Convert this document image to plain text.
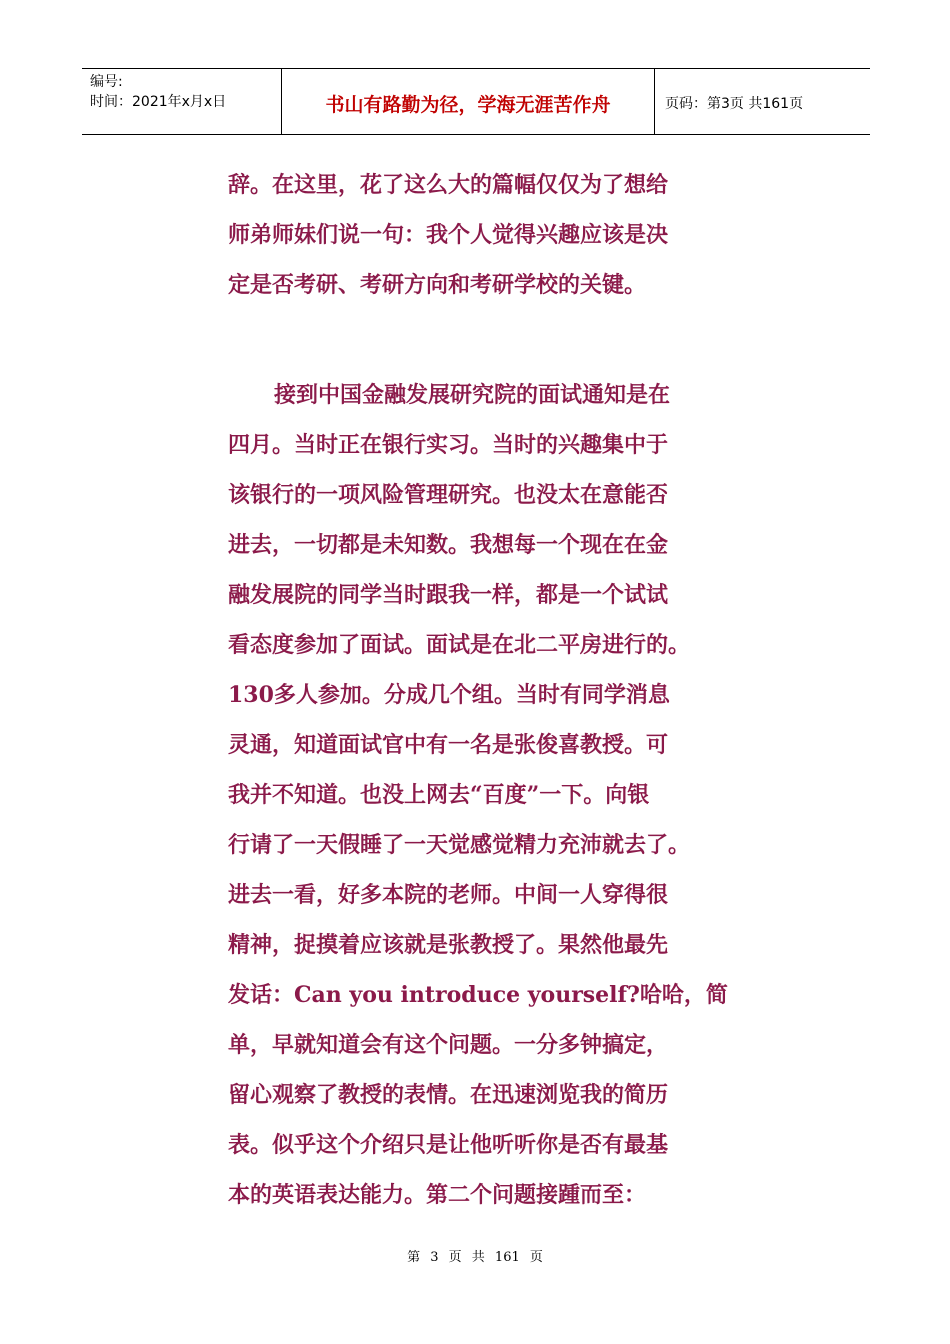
编号:
时间：2021年x月x日	书山有路勤为径，学海无涯苦作舟	页码：第3页 共161页
辞。在这里，花了这么大的篇幅仅仅为了想给
师弟师妹们说一句：我个人觉得兴趣应该是决
定是否考研、考研方向和考研学校的关键。
接到中国金融发展研究院的面试通知是在
四月。当时正在银行实习。当时的兴趣集中于
该银行的一项风险管理研究。也没太在意能否
进去，一切都是未知数。我想每一个现在在金
融发展院的同学当时跟我一样，都是一个试试
看态度参加了面试。面试是在北二平房进行的。
130多人参加。分成几个组。当时有同学消息
灵通，知道面试官中有一名是张俊喜教授。可
我并不知道。也没上网去“百度”一下。向银
行请了一天假睡了一天觉感觉精力充沛就去了。
进去一看，好多本院的老师。中间一人穿得很
精神，捉摸着应该就是张教授了。果然他最先
发话：Can you introduce yourself?哈哈，简
单，早就知道会有这个问题。一分多钟搞定，
留心观察了教授的表情。在迅速浏览我的简历
表。似乎这个介绍只是让他听听你是否有最基
本的英语表达能力。第二个问题接踵而至：
第 3 页 共 161 页
